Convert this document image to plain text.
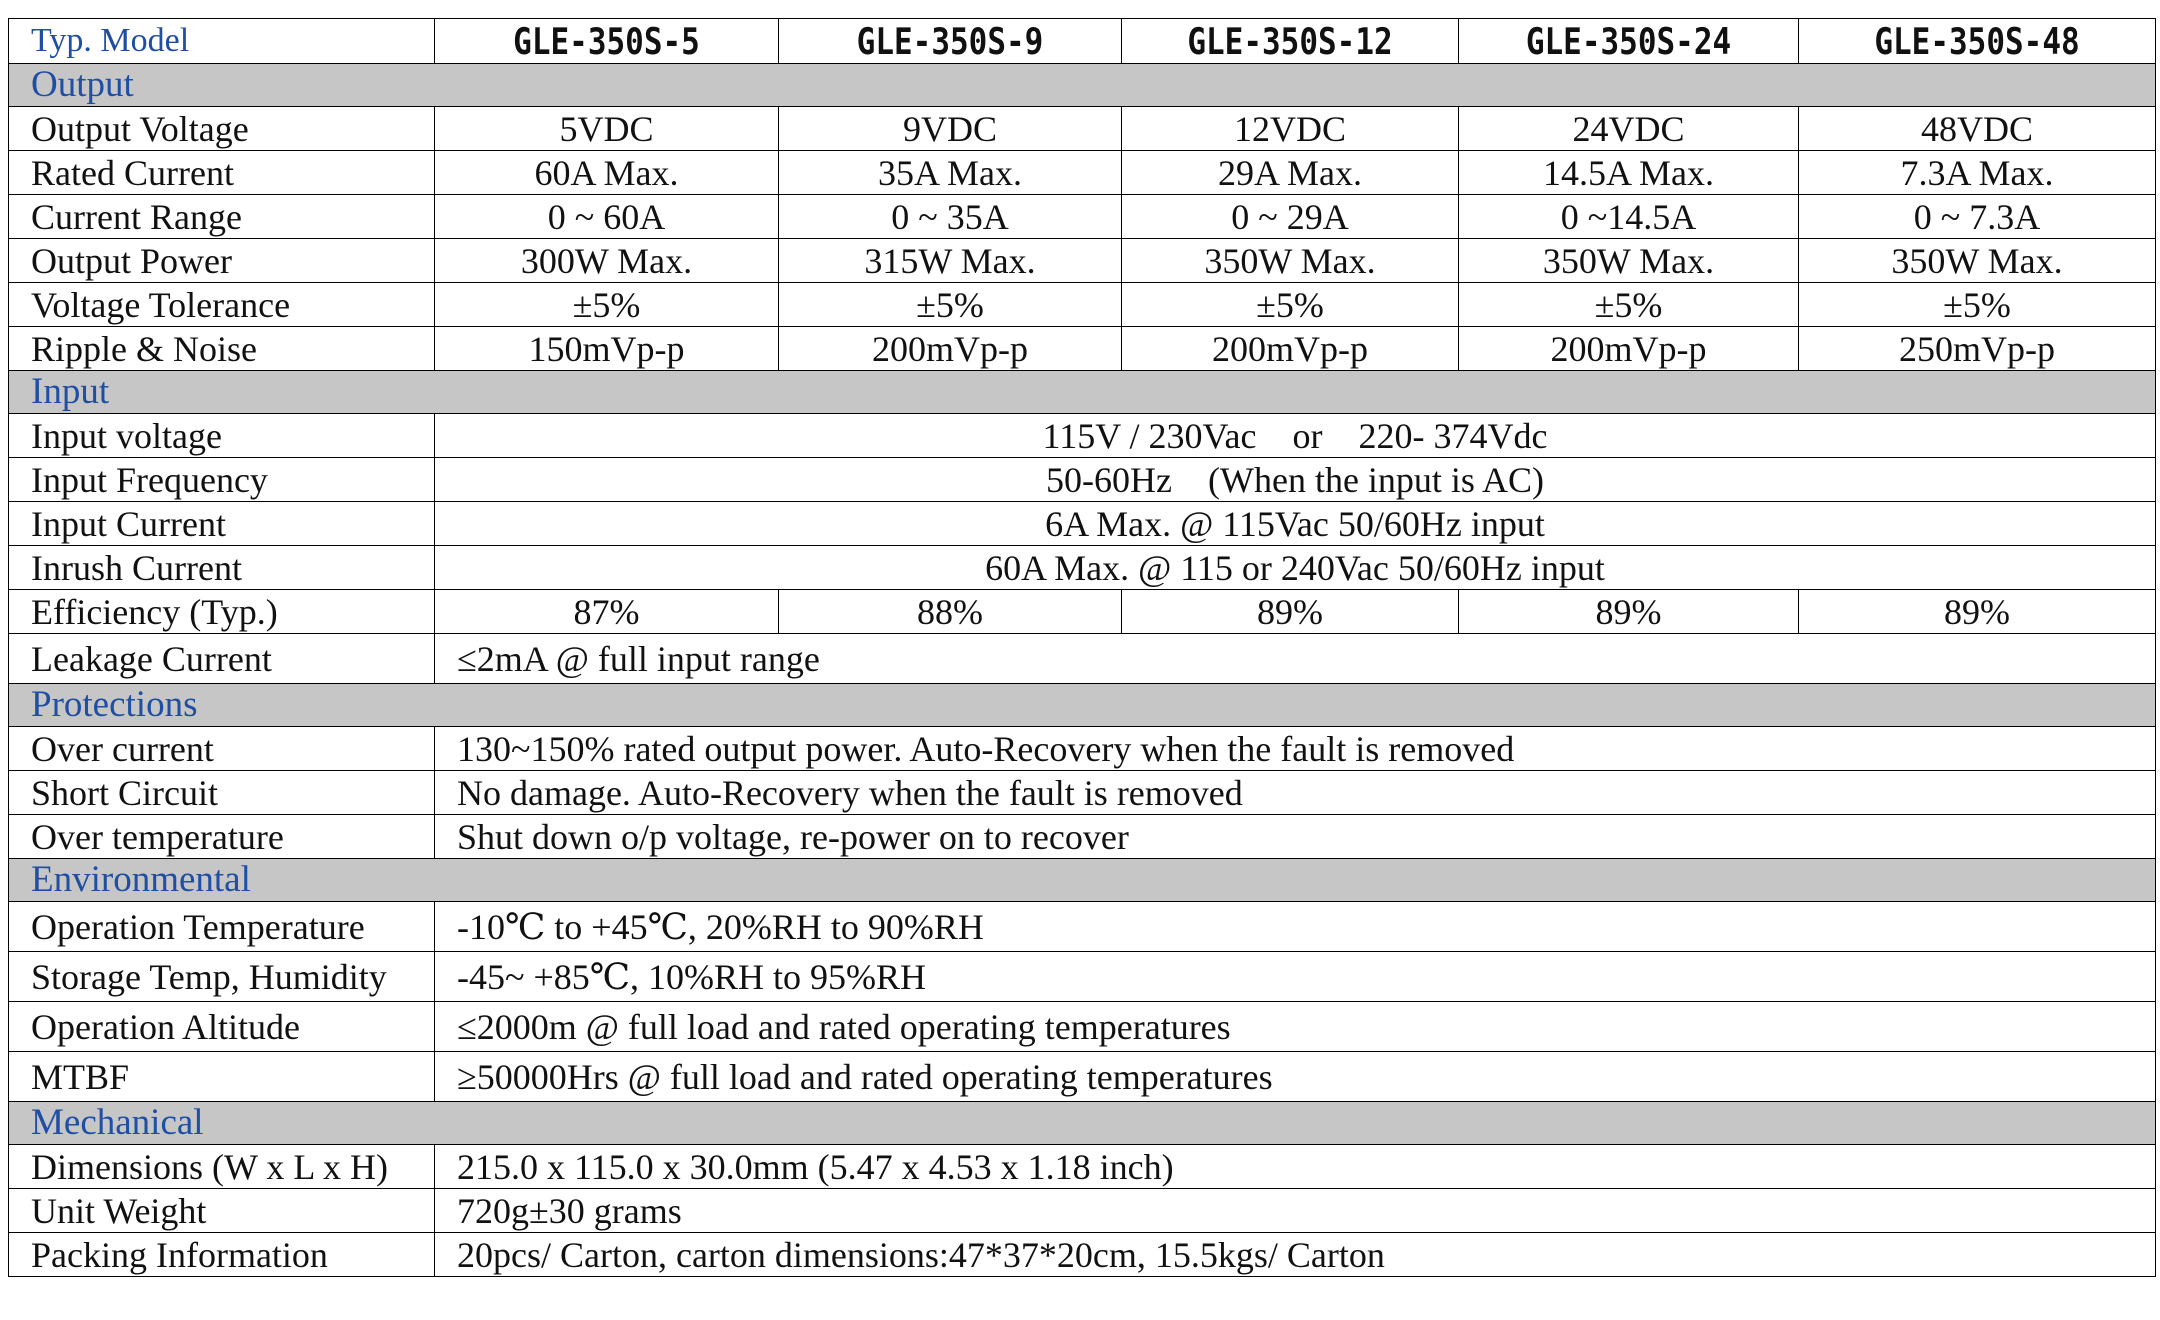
Typ. Model	GLE-350S-5	GLE-350S-9	GLE-350S-12	GLE-350S-24	GLE-350S-48
Output					
Output Voltage	5VDC	9VDC	12VDC	24VDC	48VDC
Rated Current	60A Max.	35A Max.	29A Max.	14.5A Max.	7.3A Max.
Current Range	0 ~ 60A	0 ~ 35A	0 ~ 29A	0 ~14.5A	0 ~ 7.3A
Output Power	300W Max.	315W Max.	350W Max.	350W Max.	350W Max.
Voltage Tolerance	±5%	±5%	±5%	±5%	±5%
Ripple & Noise	150mVp-p	200mVp-p	200mVp-p	200mVp-p	250mVp-p
Input					
Input voltage	115V / 230Vac    or    220- 374Vdc				
Input Frequency	50-60Hz    (When the input is AC)				
Input Current	6A Max. @ 115Vac 50/60Hz input				
Inrush Current	60A Max. @ 115 or 240Vac 50/60Hz input				
Efficiency (Typ.)	87%	88%	89%	89%	89%
Leakage Current	≤2mA @ full input range				
Protections					
Over current	130~150% rated output power. Auto-Recovery when the fault is removed				
Short Circuit	No damage. Auto-Recovery when the fault is removed				
Over temperature	Shut down o/p voltage, re-power on to recover				
Environmental					
Operation Temperature	-10℃ to +45℃, 20%RH to 90%RH				
Storage Temp, Humidity	-45~ +85℃, 10%RH to 95%RH				
Operation Altitude	≤2000m @ full load and rated operating temperatures				
MTBF	≥50000Hrs @ full load and rated operating temperatures				
Mechanical					
Dimensions (W x L x H)	215.0 x 115.0 x 30.0mm (5.47 x 4.53 x 1.18 inch)				
Unit Weight	720g±30 grams				
Packing Information	20pcs/ Carton, carton dimensions:47*37*20cm, 15.5kgs/ Carton				
